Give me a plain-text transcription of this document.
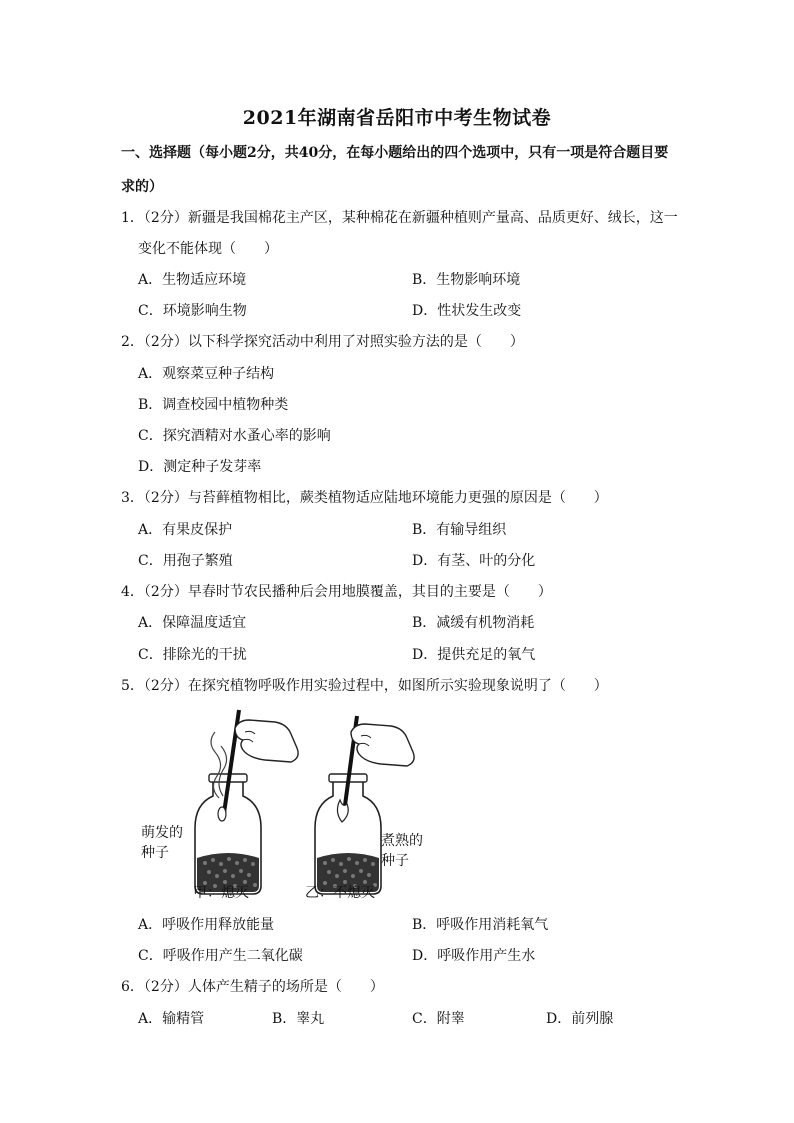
2021年湖南省岳阳市中考生物试卷
一、选择题（每小题2分，共40分，在每小题给出的四个选项中，只有一项是符合题目要
求的）
1．（2分）新疆是我国棉花主产区，某种棉花在新疆种植则产量高、品质更好、绒长，这一
变化不能体现（　　）
A．生物适应环境	B．生物影响环境
C．环境影响生物	D．性状发生改变
2．（2分）以下科学探究活动中利用了对照实验方法的是（　　）
A．观察菜豆种子结构
B．调查校园中植物种类
C．探究酒精对水蚤心率的影响
D．测定种子发芽率
3．（2分）与苔藓植物相比，蕨类植物适应陆地环境能力更强的原因是（　　）
A．有果皮保护	B．有输导组织
C．用孢子繁殖	D．有茎、叶的分化
4．（2分）早春时节农民播种后会用地膜覆盖，其目的主要是（　　）
A．保障温度适宜	B．减缓有机物消耗
C．排除光的干扰	D．提供充足的氧气
5．（2分）在探究植物呼吸作用实验过程中，如图所示实验现象说明了（　　）
萌发的
种子
煮熟的
种子
甲：熄灭	乙：不熄灭
A．呼吸作用释放能量	B．呼吸作用消耗氧气
C．呼吸作用产生二氧化碳	D．呼吸作用产生水
6．（2分）人体产生精子的场所是（　　）
A．输精管	B．睾丸	C．附睾	D．前列腺
